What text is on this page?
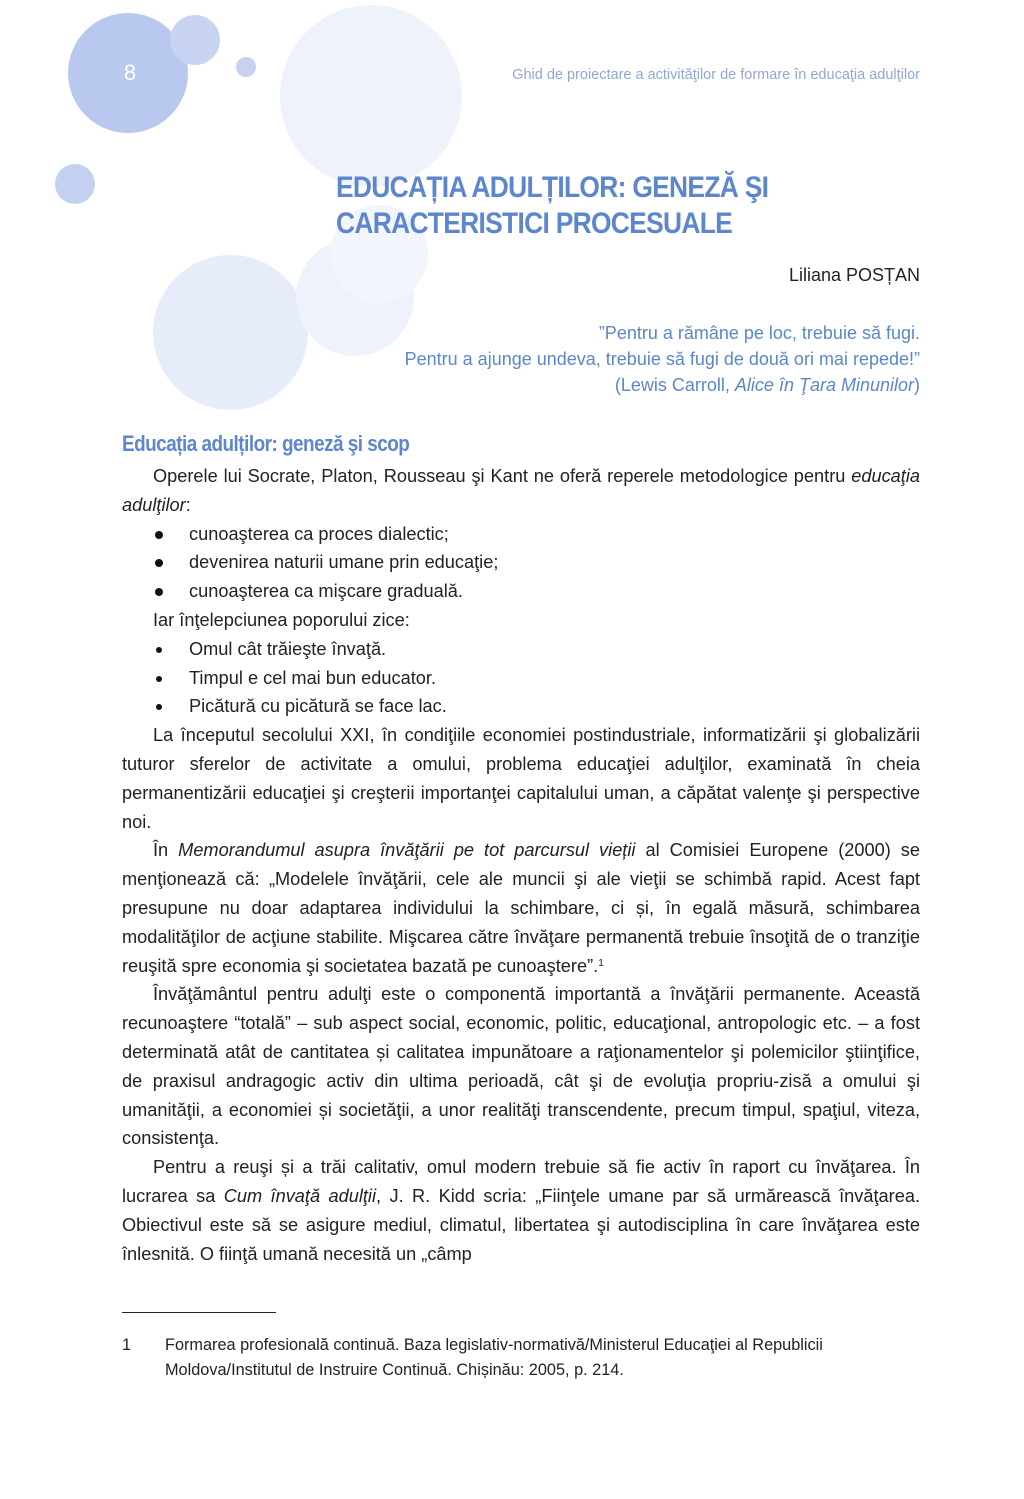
8	Ghid de proiectare a activităţilor de formare în educaţia adulţilor
EDUCAȚIA ADULȚILOR: GENEZĂ ŞI
CARACTERISTICI PROCESUALE
Liliana POSȚAN
”Pentru a rămâne pe loc, trebuie să fugi.
Pentru a ajunge undeva, trebuie să fugi de două ori mai repede!”
(Lewis Carroll, Alice în Ţara Minunilor)
Educația adulților: geneză şi scop

Operele lui Socrate, Platon, Rousseau şi Kant ne oferă reperele metodologice pentru educaţia adulţilor:

cunoaşterea ca proces dialectic;
devenirea naturii umane prin educaţie;
cunoaşterea ca mişcare graduală.

Iar înţelepciunea poporului zice:

Omul cât trăieşte învaţă.
Timpul e cel mai bun educator.
Picătură cu picătură se face lac.

La începutul secolului XXI, în condiţiile economiei postindustriale, informatizării şi globalizării tuturor sferelor de activitate a omului, problema educaţiei adulţilor, examinată în cheia permanentizării educaţiei şi creşterii importanţei capitalului uman, a căpătat valenţe şi perspective noi.

În Memorandumul asupra învăţării pe tot parcursul vieții al Comisiei Europene (2000) se menţionează că: „Modelele învăţării, cele ale muncii şi ale vieţii se schimbă rapid. Acest fapt presupune nu doar adaptarea individului la schimbare, ci și, în egală măsură, schimbarea modalităţilor de acţiune stabilite. Mişcarea către învăţare permanentă trebuie însoţită de o tranziţie reuşită spre economia şi societatea bazată pe cunoaştere”.$^1$

Învăţământul pentru adulţi este o componentă importantă a învăţării permanente. Această recunoaştere “totală” – sub aspect social, economic, politic, educaţional, antropologic etc. – a fost determinată atât de cantitatea și calitatea impunătoare a raţionamentelor şi polemicilor ştiinţifice, de praxisul andragogic activ din ultima perioadă, cât şi de evoluţia propriu-zisă a omului şi umanităţii, a economiei și societăţii, a unor realităţi transcendente, precum timpul, spaţiul, viteza, consistenţa.

Pentru a reuşi și a trăi calitativ, omul modern trebuie să fie activ în raport cu învăţarea. În lucrarea sa Cum învaţă adulţii, J. R. Kidd scria: „Fiinţele umane par să urmărească învăţarea. Obiectivul este să se asigure mediul, climatul, libertatea şi autodisciplina în care învăţarea este înlesnită. O fiinţă umană necesită un „câmp

1 Formarea profesională continuă. Baza legislativ-normativă/Ministerul Educaţiei al Republicii Moldova/Institutul de Instruire Continuă. Chișinău: 2005, p. 214.
